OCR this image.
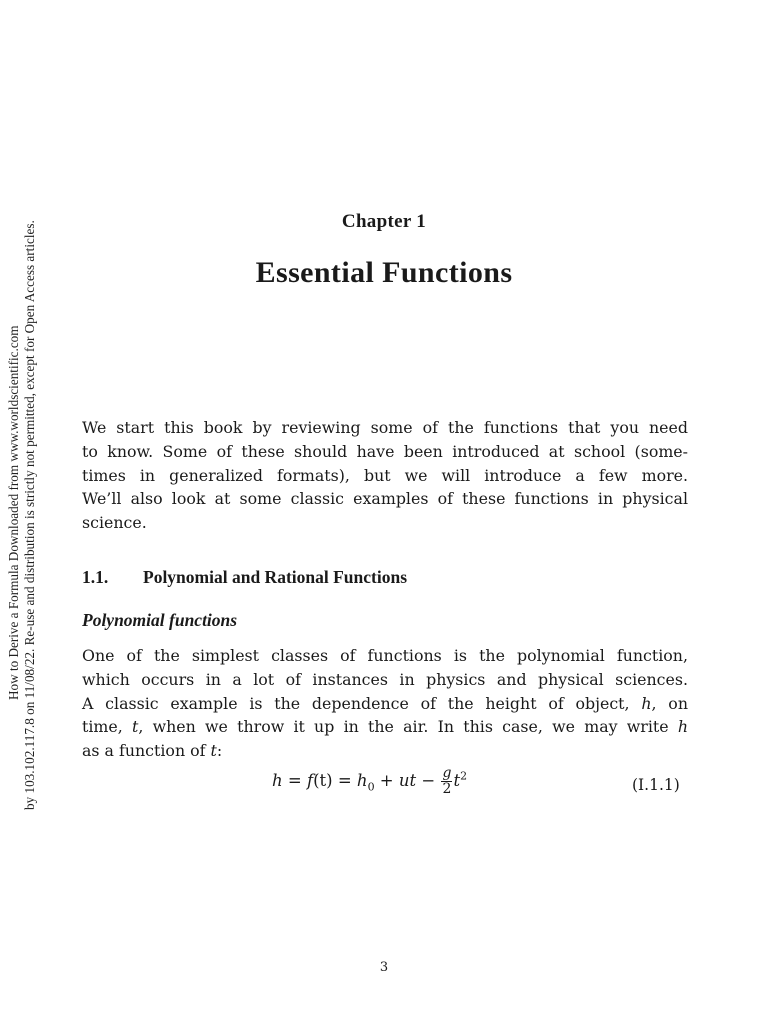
How to Derive a Formula Downloaded from www.worldscientific.com by 103.102.117.8 on 11/08/22. Re-use and distribution is strictly not permitted, except for Open Access articles.	Chapter 1
Essential Functions
We start this book by reviewing some of the functions that you need
to know. Some of these should have been introduced at school (some-
times in generalized formats), but we will introduce a few more.
We’ll also look at some classic examples of these functions in physical
science.
1.1. Polynomial and Rational Functions
Polynomial functions
One of the simplest classes of functions is the polynomial function,
which occurs in a lot of instances in physics and physical sciences.
A classic example is the dependence of the height of object, h, on
time, t, when we throw it up in the air. In this case, we may write h
as a function of t:
$h = f(t) = h_0$ + ut − $\frac{g}{2} t^2$	(I.1.1)
3
